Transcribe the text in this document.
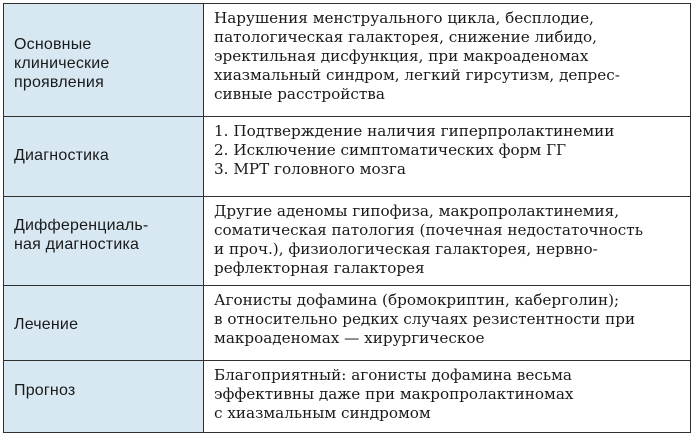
Основные
клинические
проявления	Нарушения менструального цикла, бесплодие,
патологическая галакторея, снижение либидо,
эректильная дисфункция, при макроаденомах
хиазмальный синдром, легкий гирсутизм, депрес-
сивные расстройства

Диагностика	1. Подтверждение наличия гиперпролактинемии
2. Исключение симптоматических форм ГГ
3. МРТ головного мозга

Дифференциаль-
ная диагностика	Другие аденомы гипофиза, макропролактинемия,
соматическая патология (почечная недостаточность
и проч.), физиологическая галакторея, нервно-
рефлекторная галакторея

Лечение	Агонисты дофамина (бромокриптин, каберголин);
в относительно редких случаях резистентности при
макроаденомах — хирургическое

Прогноз	Благоприятный: агонисты дофамина весьма
эффективны даже при макропролактиномах
с хиазмальным синдромом
